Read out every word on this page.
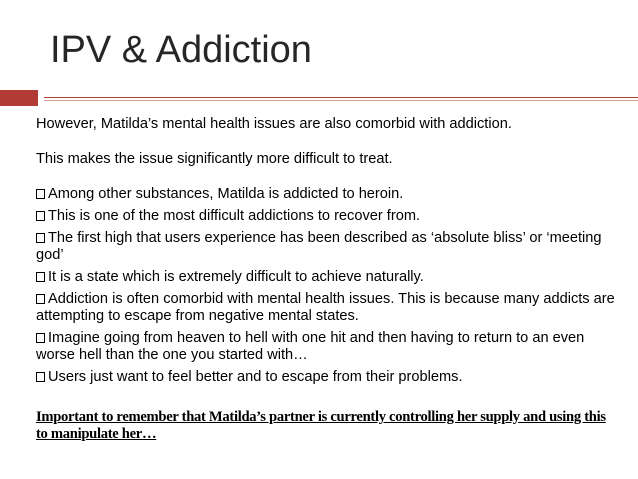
IPV & Addiction

However, Matilda’s mental health issues are also comorbid with addiction.

This makes the issue significantly more difficult to treat.

Among other substances, Matilda is addicted to heroin.
This is one of the most difficult addictions to recover from.
The first high that users experience has been described as ‘absolute bliss’ or ‘meeting god’
It is a state which is extremely difficult to achieve naturally.
Addiction is often comorbid with mental health issues. This is because many addicts are attempting to escape from negative mental states.
Imagine going from heaven to hell with one hit and then having to return to an even worse hell than the one you started with…
Users just want to feel better and to escape from their problems.
Important to remember that Matilda’s partner is currently controlling her supply and using this to manipulate her…
